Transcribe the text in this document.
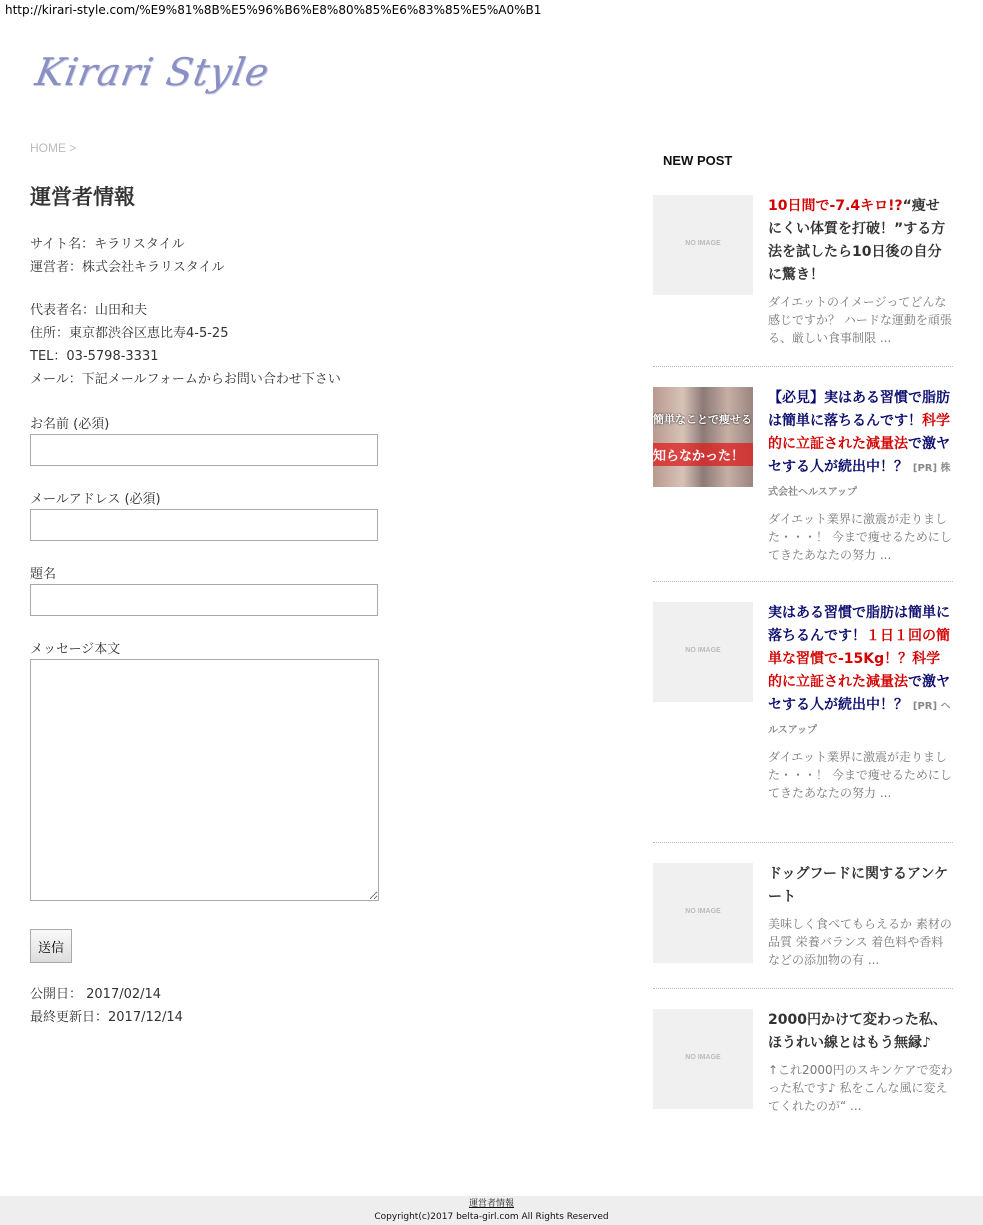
http://kirari-style.com/%E9%81%8B%E5%96%B6%E8%80%85%E6%83%85%E5%A0%B1
Kirari Style
HOME >
運営者情報
サイト名：キラリスタイル
運営者：株式会社キラリスタイル
代表者名：山田和夫
住所：東京都渋谷区恵比寿4-5-25
TEL：03-5798-3331
メール：下記メールフォームからお問い合わせ下さい
お名前 (必須)
メールアドレス (必須)
題名
メッセージ本文
送信
公開日： 2017/02/14
最終更新日：2017/12/14
NEW POST
NO IMAGE
10日間で-7.4キロ!?“痩せにくい体質を打破！”する方法を試したら10日後の自分に驚き！
ダイエットのイメージってどんな感じですか？ ハードな運動を頑張る、厳しい食事制限 ...
簡単なことで痩せる
知らなかった！
【必見】実はある習慣で脂肪は簡単に落ちるんです！科学的に立証された減量法で激ヤセする人が続出中！？ [PR] 株式会社ヘルスアップ
ダイエット業界に激震が走りました・・・！ 今まで痩せるためにしてきたあなたの努力 ...
NO IMAGE
実はある習慣で脂肪は簡単に落ちるんです！１日１回の簡単な習慣で-15Kg！？科学的に立証された減量法で激ヤセする人が続出中！？ [PR] ヘルスアップ
ダイエット業界に激震が走りました・・・！ 今まで痩せるためにしてきたあなたの努力 ...
NO IMAGE
ドッグフードに関するアンケート
美味しく食べてもらえるか 素材の品質 栄養バランス 着色料や香料などの添加物の有 ...
NO IMAGE
2000円かけて変わった私、ほうれい線とはもう無縁♪
↑これ2000円のスキンケアで変わった私です♪ 私をこんな風に変えてくれたのが“ ...
運営者情報
Copyright(c)2017 belta-girl.com All Rights Reserved
